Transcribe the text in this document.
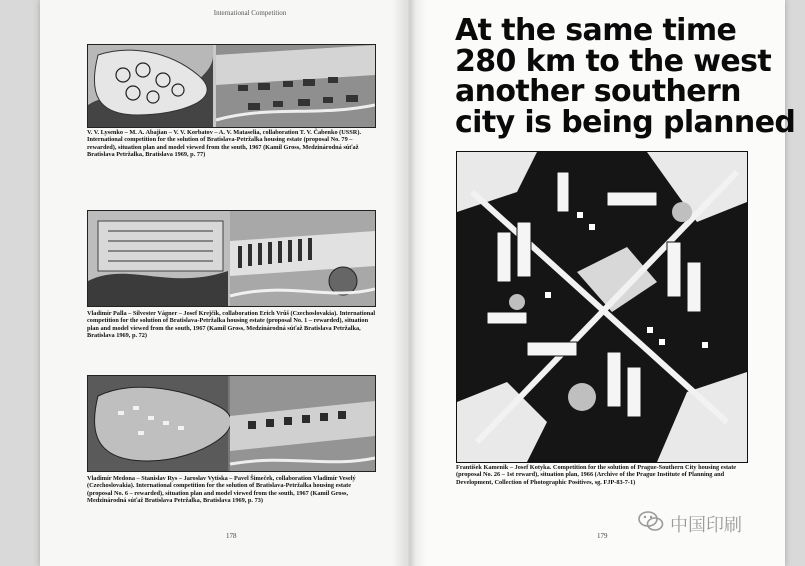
International Competition
V. V. Lysenko – M. A. Abajian – V. V. Korbatov – A. V. Mataselia, collaboration T. V. Čabenko (USSR). International competition for the solution of Bratislava-Petržalka housing estate (proposal No. 79 – rewarded), situation plan and model viewed from the south, 1967 (Kamil Gross, Medzinárodná súťaž Bratislava Petržalka, Bratislava 1969, p. 77)
Vladimír Palla – Silvester Vágner – Josef Krejčík, collaboration Erich Vrůš (Czechoslovakia). International competition for the solution of Bratislava-Petržalka housing estate (proposal No. 1 – rewarded), situation plan and model viewed from the south, 1967 (Kamil Gross, Medzinárodná súťaž Bratislava Petržalka, Bratislava 1969, p. 72)
Vladimír Medona – Stanislav Rys – Jaroslav Vytiska – Pavel Šimeček, collaboration Vladimír Veselý (Czechoslovakia). International competition for the solution of Bratislava-Petržalka housing estate (proposal No. 6 – rewarded), situation plan and model viewed from the south, 1967 (Kamil Gross, Medzinárodná súťaž Bratislava Petržalka, Bratislava 1969, p. 73)
178
At the same time
280 km to the west
another southern
city is being planned
František Kamenik – Josef Kotyka. Competition for the solution of Prague-Southern City housing estate (proposal No. 26 – 1st reward), situation plan, 1966 (Archive of the Prague Institute of Planning and Development, Collection of Photographic Positives, sg. FJP-83-7-1)
179
中国印刷
